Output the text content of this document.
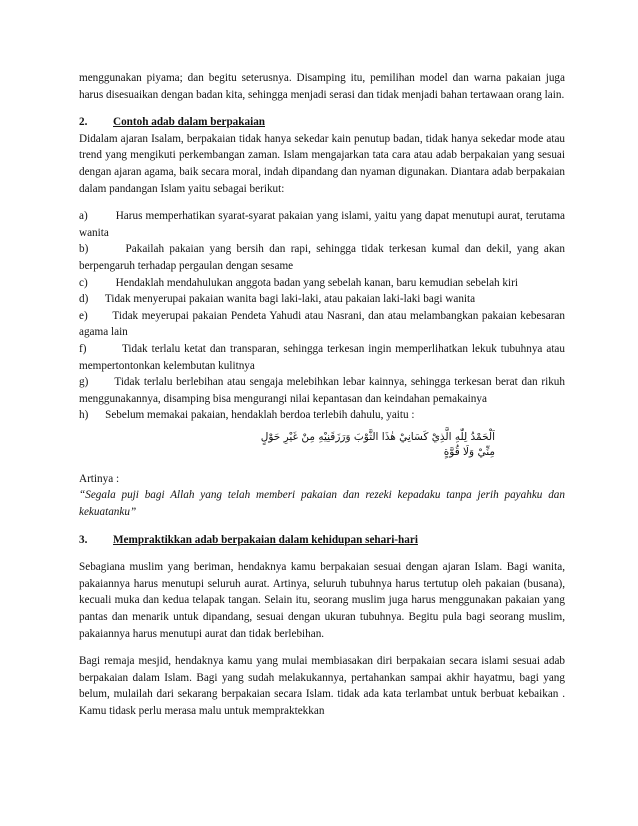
menggunakan piyama; dan begitu seterusnya. Disamping itu, pemilihan model dan warna pakaian juga harus disesuaikan dengan badan kita, sehingga menjadi serasi dan tidak menjadi bahan tertawaan orang lain.

2. Contoh adab dalam berpakaian

Didalam ajaran Isalam, berpakaian tidak hanya sekedar kain penutup badan, tidak hanya sekedar mode atau trend yang mengikuti perkembangan zaman. Islam mengajarkan tata cara atau adab berpakaian yang sesuai dengan ajaran agama, baik secara moral, indah dipandang dan nyaman digunakan. Diantara adab berpakaian dalam pandangan Islam yaitu sebagai berikut:

a)         Harus memperhatikan syarat-syarat pakaian yang islami, yaitu yang dapat menutupi aurat, terutama wanita

b)       Pakailah pakaian yang bersih dan rapi, sehingga tidak terkesan kumal dan dekil, yang akan berpengaruh terhadap pergaulan dengan sesame

c)          Hendaklah mendahulukan anggota badan yang sebelah kanan, baru kemudian sebelah kiri

d)      Tidak menyerupai pakaian wanita bagi laki-laki, atau pakaian laki-laki bagi wanita

e)       Tidak meyerupai pakaian Pendeta Yahudi atau Nasrani, dan atau melambangkan pakaian kebesaran agama lain

f)         Tidak terlalu ketat dan transparan, sehingga terkesan ingin memperlihatkan lekuk tubuhnya atau mempertontonkan kelembutan kulitnya

g)       Tidak terlalu berlebihan atau sengaja melebihkan lebar kainnya, sehingga terkesan berat dan rikuh menggunakannya, disamping bisa mengurangi nilai kepantasan dan keindahan pemakainya

h)      Sebelum memakai pakaian, hendaklah berdoa terlebih dahulu, yaitu :

اَلْحَمْدُ لِلّٰهِ الَّذِيْ كَسَانِيْ هٰذَا الثَّوْبَ وَرَزَقَنِيْهِ مِنْ غَيْرِ حَوْلٍ

مِنِّيْ وَلَا قُوَّةٍ

Artinya :

“Segala puji bagi Allah yang telah memberi pakaian dan rezeki kepadaku tanpa jerih payahku dan kekuatanku”

3. Mempraktikkan adab berpakaian dalam kehidupan sehari-hari

Sebagiana muslim yang beriman, hendaknya kamu berpakaian sesuai dengan ajaran Islam. Bagi wanita, pakaiannya harus menutupi seluruh aurat. Artinya, seluruh tubuhnya harus tertutup oleh pakaian (busana), kecuali muka dan kedua telapak tangan. Selain itu, seorang muslim juga harus menggunakan pakaian yang pantas dan menarik untuk dipandang, sesuai dengan ukuran tubuhnya. Begitu pula bagi seorang muslim, pakaiannya harus menutupi aurat dan tidak berlebihan.

Bagi remaja mesjid, hendaknya kamu yang mulai membiasakan diri berpakaian secara islami sesuai adab berpakaian dalam Islam. Bagi yang sudah melakukannya, pertahankan sampai akhir hayatmu, bagi yang belum, mulailah dari sekarang berpakaian secara Islam. tidak ada kata terlambat untuk berbuat kebaikan . Kamu tidask perlu merasa malu untuk mempraktekkan
